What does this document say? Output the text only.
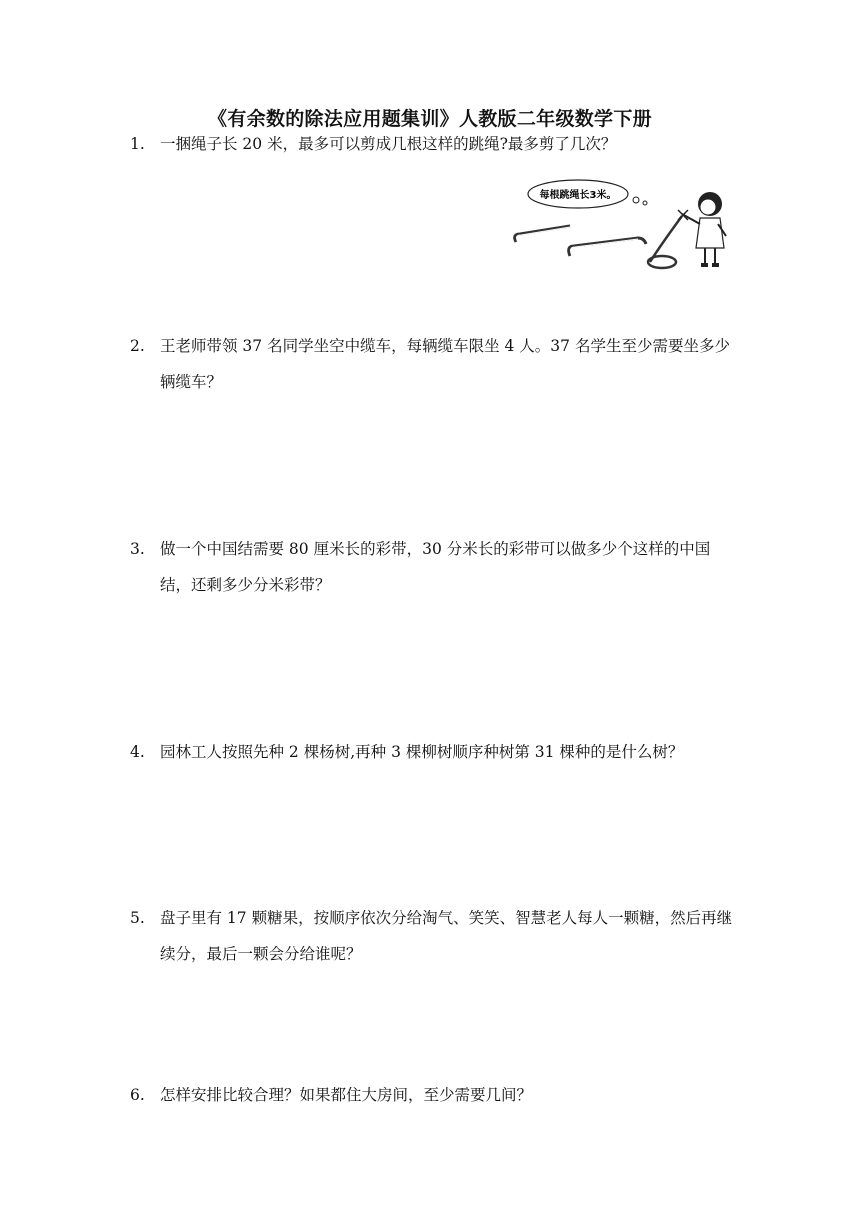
《有余数的除法应用题集训》人教版二年级数学下册
1. 一捆绳子长 20 米，最多可以剪成几根这样的跳绳?最多剪了几次？
每根跳绳长3米。
2. 王老师带领 37 名同学坐空中缆车，每辆缆车限坐 4 人。37 名学生至少需要坐多少辆缆车？
3. 做一个中国结需要 80 厘米长的彩带，30 分米长的彩带可以做多少个这样的中国结，还剩多少分米彩带？
4. 园林工人按照先种 2 棵杨树,再种 3 棵柳树顺序种树第 31 棵种的是什么树？
5. 盘子里有 17 颗糖果，按顺序依次分给淘气、笑笑、智慧老人每人一颗糖，然后再继续分，最后一颗会分给谁呢？
6. 怎样安排比较合理？如果都住大房间，至少需要几间？
